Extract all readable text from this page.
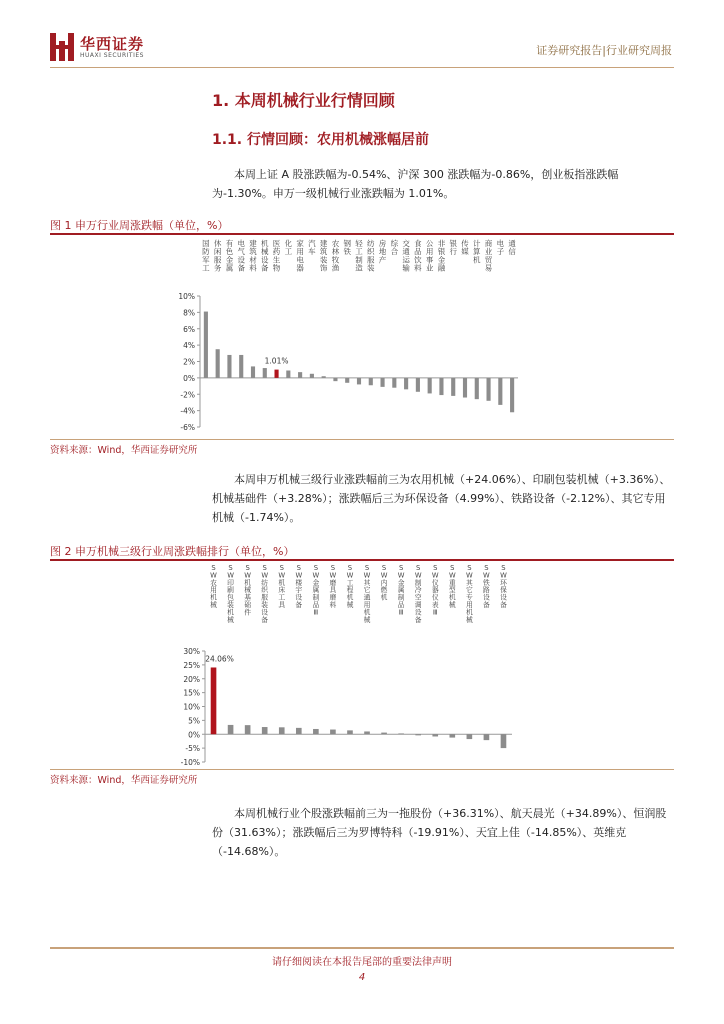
华西证券
HUAXI SECURITIES	证券研究报告|行业研究周报
1. 本周机械行业行情回顾
1.1. 行情回顾：农用机械涨幅居前
本周上证 A 股涨跌幅为-0.54%、沪深 300 涨跌幅为-0.86%，创业板指涨跌幅为-1.30%。申万一级机械行业涨跌幅为 1.01%。
图 1 申万行业周涨跌幅（单位，%）
10%
8%
6%
4%
2%
0%
-2%
-4%
-6%
国防军工
休闲服务
有色金属
电气设备
建筑材料
机械设备
医药生物
1.01%
化工
家用电器
汽车
建筑装饰
农林牧渔
钢铁
轻工制造
纺织服装
房地产
综合
交通运输
食品饮料
公用事业
非银金融
银行
传媒
计算机
商业贸易
电子
通信
资料来源：Wind，华西证券研究所
本周申万机械三级行业涨跌幅前三为农用机械（+24.06%）、印刷包装机械（+3.36%）、机械基础件（+3.28%）；涨跌幅后三为环保设备（4.99%）、铁路设备（-2.12%）、其它专用机械（-1.74%）。
图 2 申万机械三级行业周涨跌幅排行（单位，%）
30%
25%
20%
15%
10%
5%
0%
-5%
-10%
S W 农用机械
24.06%
S W 印刷包装机械
S W 机械基础件
S W 纺织服装设备
S W 机床工具
S W 楼宇设备
S W 金属制品 Ⅲ
S W 磨具磨料
S W 工程机械
S W 其它通用机械
S W 内燃机
S W 金属制品 Ⅲ
S W 制冷空调设备
S W 仪器仪表 Ⅲ
S W 重型机械
S W 其它专用机械
S W 铁路设备
S W 环保设备
资料来源：Wind，华西证券研究所
本周机械行业个股涨跌幅前三为一拖股份（+36.31%）、航天晨光（+34.89%）、恒润股份（31.63%）；涨跌幅后三为罗博特科（-19.91%）、天宜上佳（-14.85%）、英维克（-14.68%）。
请仔细阅读在本报告尾部的重要法律声明
4
